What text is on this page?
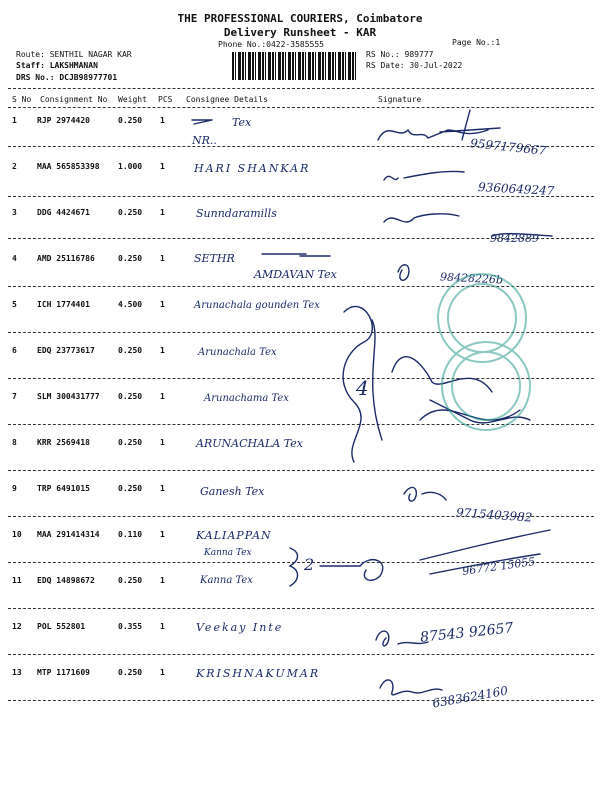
THE PROFESSIONAL COURIERS, Coimbatore
Delivery Runsheet - KAR
Phone No.:0422-3585555	Page No.:1
Route: SENTHIL NAGAR KAR
Staff: LAKSHMANAN
DRS No.: DCJB98977701
RS No.: 989777
RS Date: 30-Jul-2022
S No Consignment No Weight PCS Consignee Details	Signature
1	RJP 2974420	0.250 1	Tex
NR..	9597179667
2	MAA 565853398 1.000 1	HARI SHANKAR
9360649247
3	DDG 4424671	0.250 1	Sunndaramills
9842889
4	AMD 25116786	0.250 1	SETHR
AMDAVAN Tex	98428226b
5	ICH 1774401	4.500 1	Arunachala gounden Tex
6	EDQ 23773617	0.250 1	Arunachala Tex
7	SLM 300431777 0.250 1	Arunachama Tex
8	KRR 2569418	0.250 1	ARUNACHALA Tex
9	TRP 6491015	0.250 1	Ganesh Tex
9715403982
10 MAA 291414314 0.110 1	KALIAPPAN
Kanna Tex
11 EDQ 14898672	0.250 1	Kanna Tex
96772 15055
12 POL 552801	0.355 1	Veekay Inte	87543 92657
13 MTP 1171609	0.250 1	KRISHNAKUMAR
6383624160
4
2
